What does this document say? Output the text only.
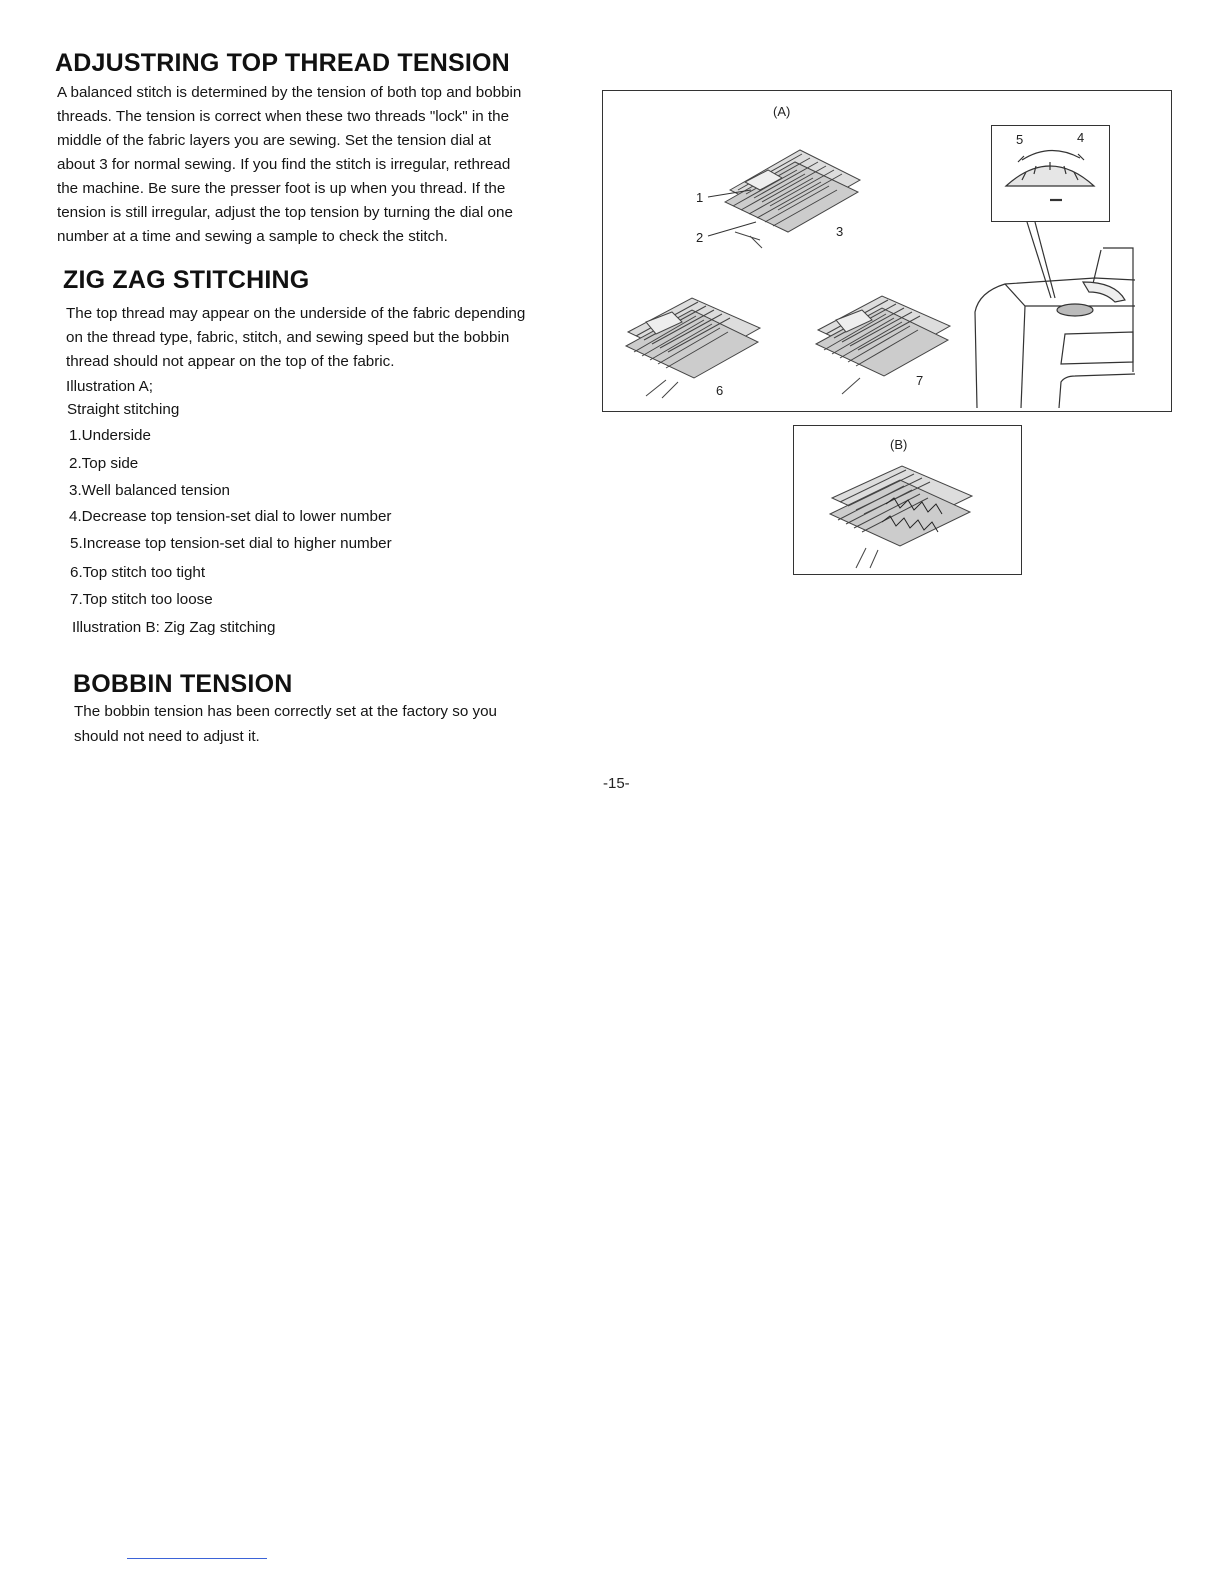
ADJUSTRING TOP THREAD TENSION
A balanced stitch is determined by the tension of both top and bobbin
threads. The tension is correct when these two threads "lock" in the
middle of the fabric layers you are sewing. Set the tension dial at
about 3 for normal sewing. If you find the stitch is irregular, rethread
the machine. Be sure the presser foot is up when you thread. If the
tension is still irregular, adjust the top tension by turning the dial one
number at a time and sewing a sample to check the stitch.
ZIG ZAG STITCHING
The top thread may appear on the underside of the fabric depending
on the thread type, fabric, stitch, and sewing speed but the bobbin
thread should not appear on the top of the fabric.
Illustration A;
Straight stitching
1.Underside
2.Top side
3.Well balanced tension
4.Decrease top tension-set dial to lower number
5.Increase top tension-set dial to higher number
6.Top stitch too tight
7.Top stitch too loose
Illustration B: Zig Zag stitching
BOBBIN TENSION
The bobbin tension has been correctly set at the factory so you
should not need to adjust it.
(A)
1
2	3
5	4
6
7
(B)
-15-
